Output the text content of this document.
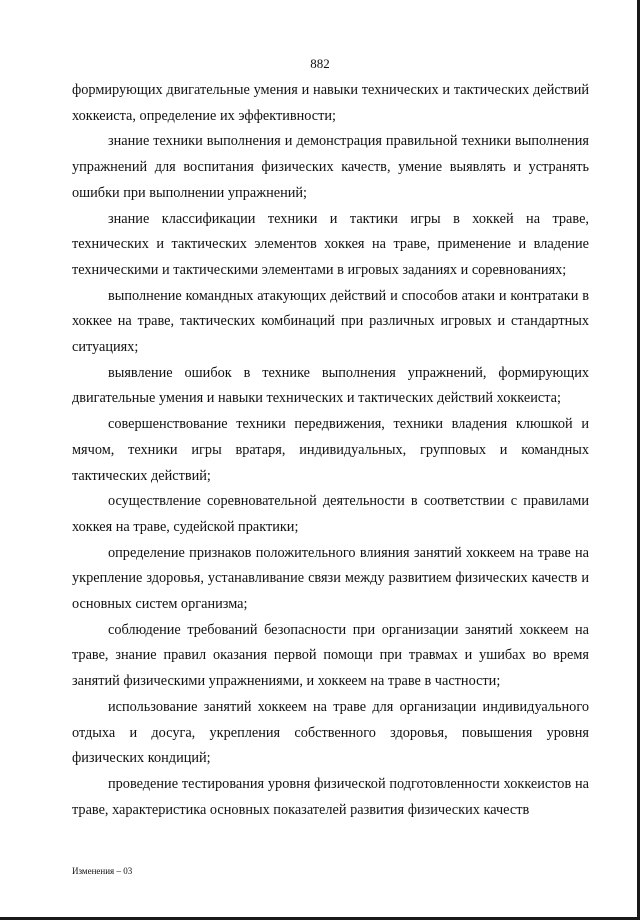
882

формирующих двигательные умения и навыки технических и тактических действий хоккеиста, определение их эффективности;

знание техники выполнения и демонстрация правильной техники выполнения упражнений для воспитания физических качеств, умение выявлять и устранять ошибки при выполнении упражнений;

знание классификации техники и тактики игры в хоккей на траве, технических и тактических элементов хоккея на траве, применение и владение техническими и тактическими элементами в игровых заданиях и соревнованиях;

выполнение командных атакующих действий и способов атаки и контратаки в хоккее на траве, тактических комбинаций при различных игровых и стандартных ситуациях;

выявление ошибок в технике выполнения упражнений, формирующих двигательные умения и навыки технических и тактических действий хоккеиста;

совершенствование техники передвижения, техники владения клюшкой и мячом, техники игры вратаря, индивидуальных, групповых и командных тактических действий;

осуществление соревновательной деятельности в соответствии с правилами хоккея на траве, судейской практики;

определение признаков положительного влияния занятий хоккеем на траве на укрепление здоровья, устанавливание связи между развитием физических качеств и основных систем организма;

соблюдение требований безопасности при организации занятий хоккеем на траве, знание правил оказания первой помощи при травмах и ушибах во время занятий физическими упражнениями, и хоккеем на траве в частности;

использование занятий хоккеем на траве для организации индивидуального отдыха и досуга, укрепления собственного здоровья, повышения уровня физических кондиций;

проведение тестирования уровня физической подготовленности хоккеистов на траве, характеристика основных показателей развития физических качеств

Изменения – 03
